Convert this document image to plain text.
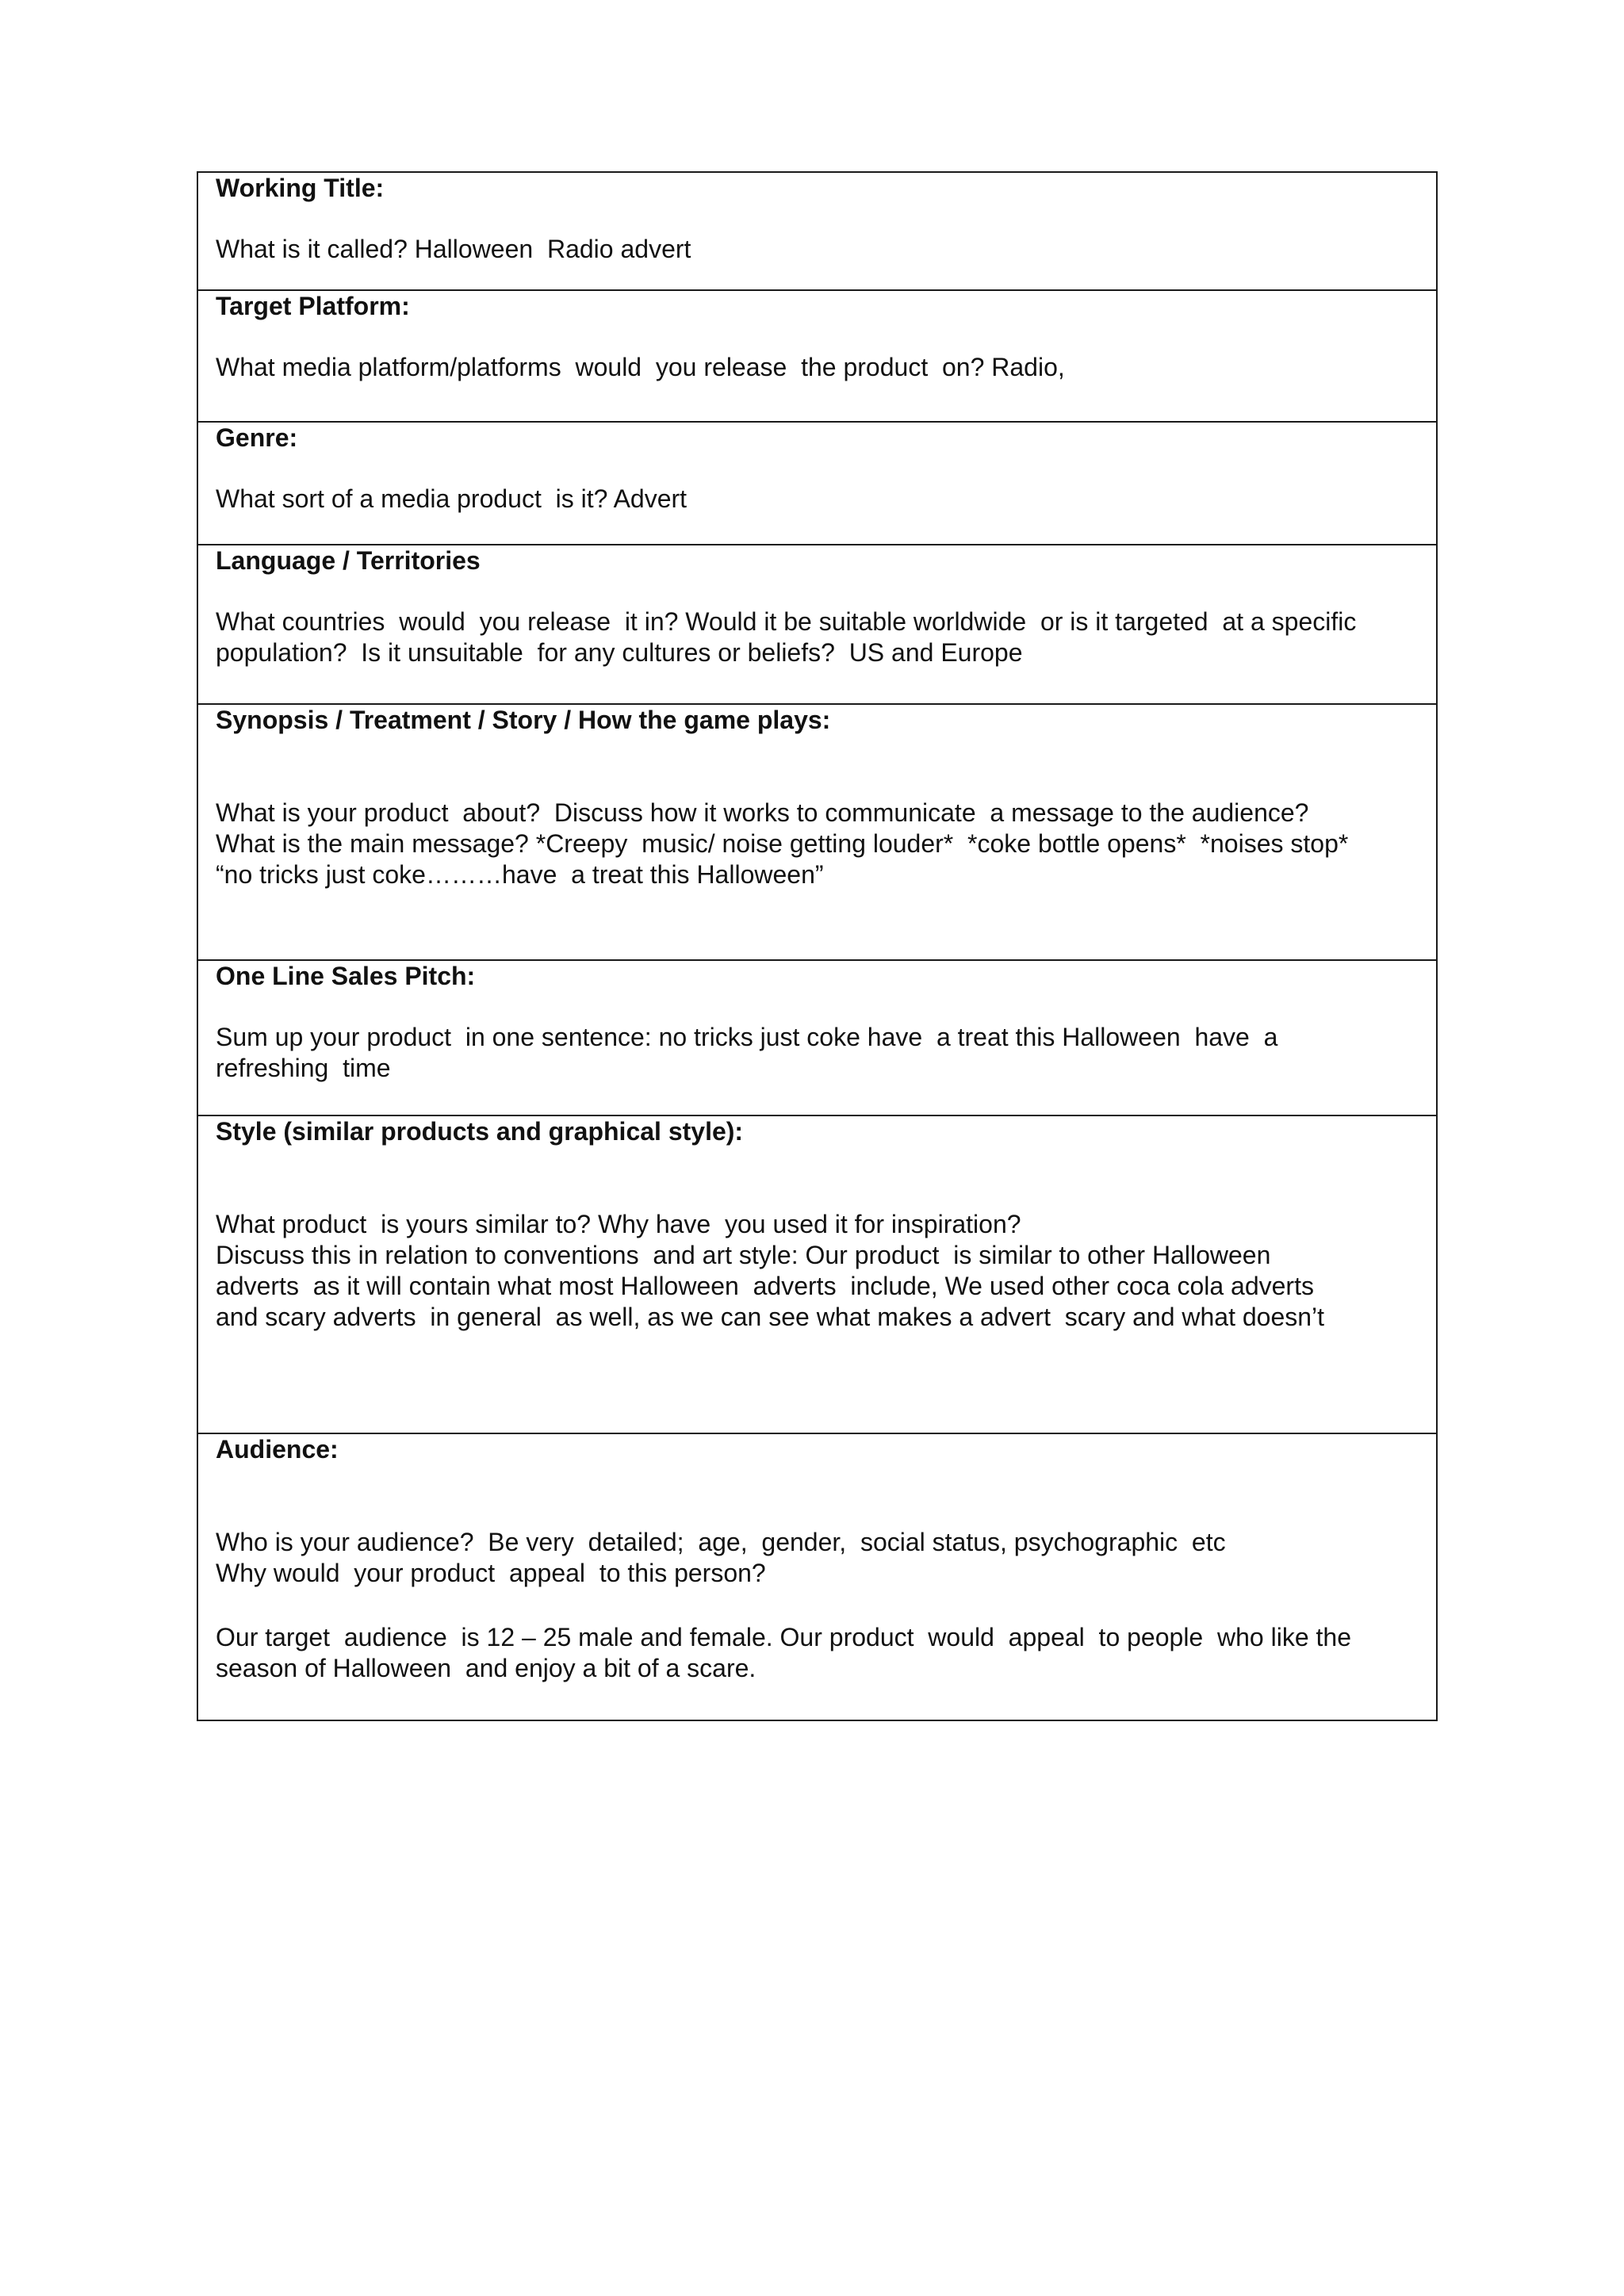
Working Title:

What is it called? Halloween  Radio advert

Target Platform:

What media platform/platforms  would  you release  the product  on? Radio,

Genre:

What sort of a media product  is it? Advert

Language / Territories

What countries  would  you release  it in? Would it be suitable worldwide  or is it targeted  at a specific

population?  Is it unsuitable  for any cultures or beliefs?  US and Europe

Synopsis / Treatment / Story / How the game plays:

What is your product  about?  Discuss how it works to communicate  a message to the audience?

What is the main message? *Creepy  music/ noise getting louder*  *coke bottle opens*  *noises stop*

“no tricks just coke………have  a treat this Halloween”

One Line Sales Pitch:

Sum up your product  in one sentence: no tricks just coke have  a treat this Halloween  have  a

refreshing  time

Style (similar products and graphical style):

What product  is yours similar to? Why have  you used it for inspiration?

Discuss this in relation to conventions  and art style: Our product  is similar to other Halloween

adverts  as it will contain what most Halloween  adverts  include, We used other coca cola adverts

and scary adverts  in general  as well, as we can see what makes a advert  scary and what doesn’t

Audience:

Who is your audience?  Be very  detailed;  age,  gender,  social status, psychographic  etc

Why would  your product  appeal  to this person?

Our target  audience  is 12 – 25 male and female. Our product  would  appeal  to people  who like the

season of Halloween  and enjoy a bit of a scare.
